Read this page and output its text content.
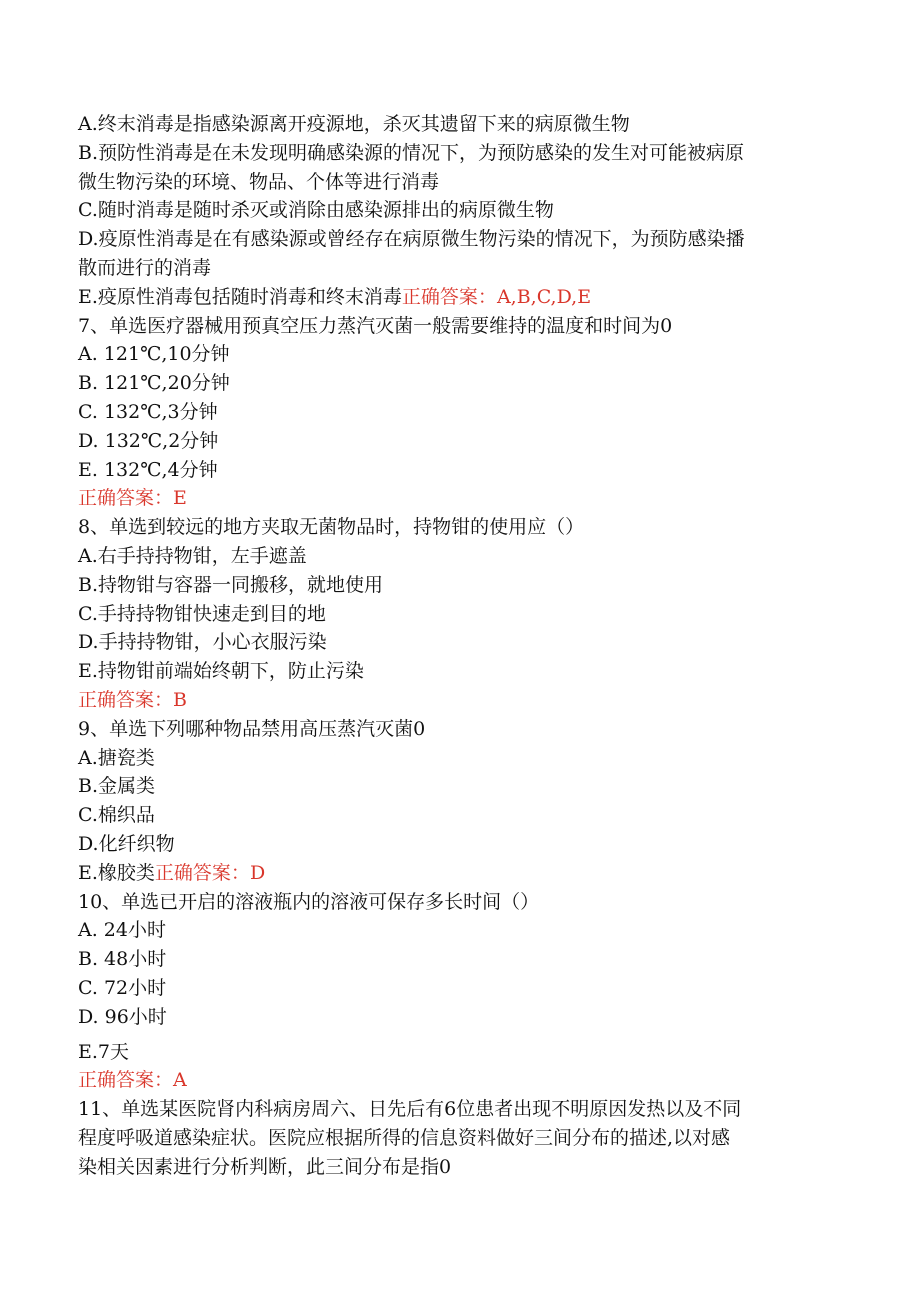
A.终末消毒是指感染源离开疫源地，杀灭其遗留下来的病原微生物
B.预防性消毒是在未发现明确感染源的情况下，为预防感染的发生对可能被病原
微生物污染的环境、物品、个体等进行消毒
C.随时消毒是随时杀灭或消除由感染源排出的病原微生物
D.疫原性消毒是在有感染源或曾经存在病原微生物污染的情况下，为预防感染播
散而进行的消毒
E.疫原性消毒包括随时消毒和终末消毒正确答案：A,B,C,D,E
7、单选医疗器械用预真空压力蒸汽灭菌一般需要维持的温度和时间为0
A. 121℃,10分钟
B. 121℃,20分钟
C. 132℃,3分钟
D. 132℃,2分钟
E. 132℃,4分钟
正确答案：E
8、单选到较远的地方夹取无菌物品时，持物钳的使用应（）
A.右手持持物钳，左手遮盖
B.持物钳与容器一同搬移，就地使用
C.手持持物钳快速走到目的地
D.手持持物钳，小心衣服污染
E.持物钳前端始终朝下，防止污染
正确答案：B
9、单选下列哪种物品禁用高压蒸汽灭菌0
A.搪瓷类
B.金属类
C.棉织品
D.化纤织物
E.橡胶类正确答案：D
10、单选已开启的溶液瓶内的溶液可保存多长时间（）
A. 24小时
B. 48小时
C. 72小时
D. 96小时
E.7天
正确答案：A
11、单选某医院肾内科病房周六、日先后有6位患者出现不明原因发热以及不同
程度呼吸道感染症状。医院应根据所得的信息资料做好三间分布的描述,以对感
染相关因素进行分析判断，此三间分布是指0
